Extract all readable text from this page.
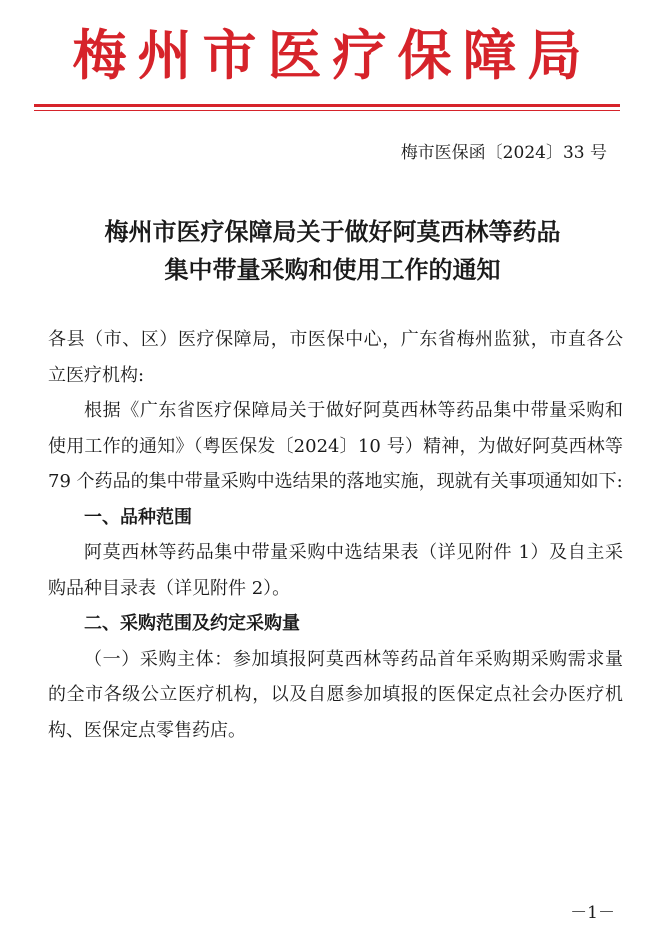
梅州市医疗保障局
梅市医保函〔2024〕33 号
梅州市医疗保障局关于做好阿莫西林等药品
集中带量采购和使用工作的通知

各县（市、区）医疗保障局，市医保中心，广东省梅州监狱，市直各公立医疗机构:

根据《广东省医疗保障局关于做好阿莫西林等药品集中带量采购和使用工作的通知》（粤医保发〔2024〕10 号）精神，为做好阿莫西林等 79 个药品的集中带量采购中选结果的落地实施，现就有关事项通知如下:

一、品种范围

阿莫西林等药品集中带量采购中选结果表（详见附件 1）及自主采购品种目录表（详见附件 2）。

二、采购范围及约定采购量

（一）采购主体：参加填报阿莫西林等药品首年采购期采购需求量的全市各级公立医疗机构，以及自愿参加填报的医保定点社会办医疗机构、医保定点零售药店。

－1－
